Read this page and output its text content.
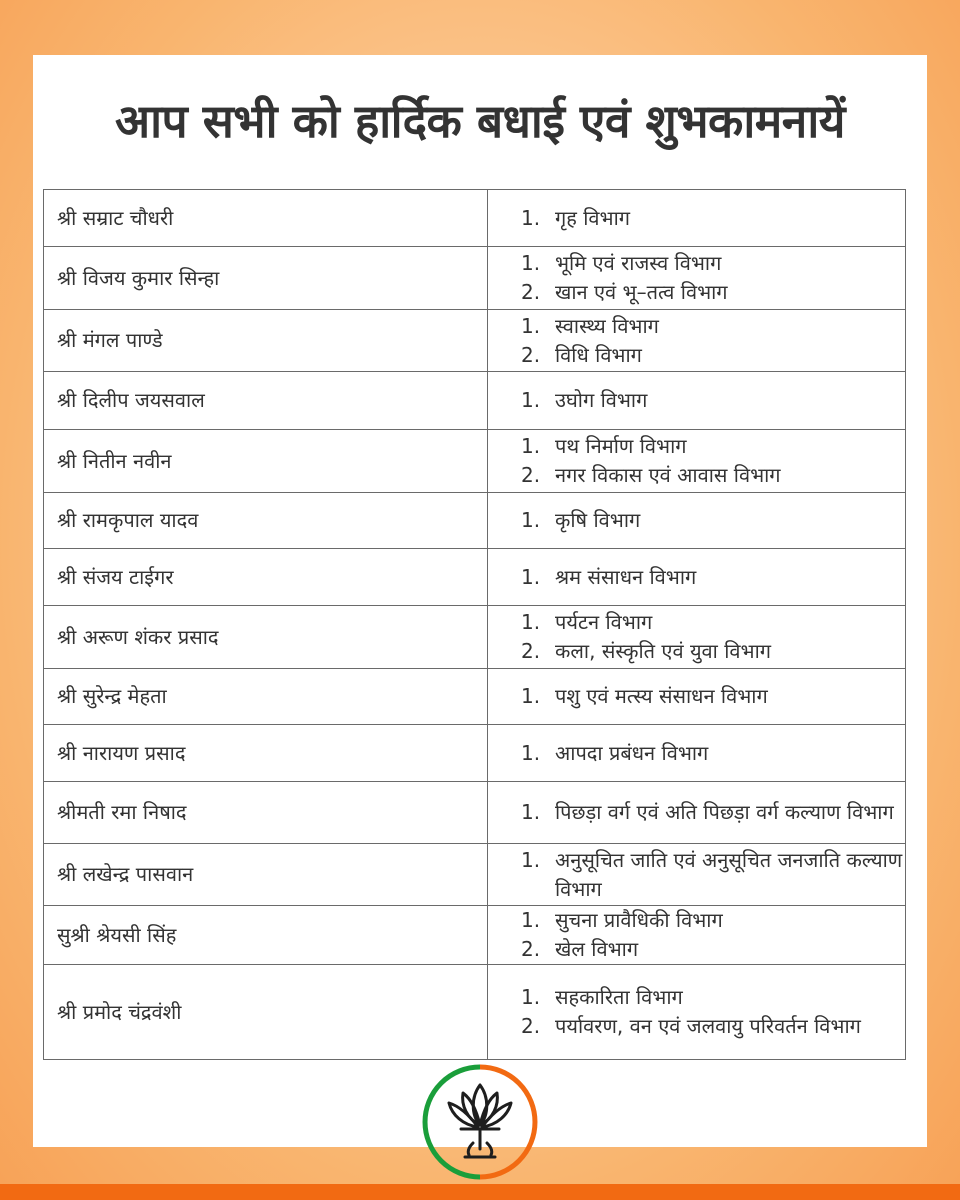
आप सभी को हार्दिक बधाई एवं शुभकामनायें
श्री सम्राट चौधरी	1. गृह विभाग

श्री विजय कुमार सिन्हा	1. भूमि एवं राजस्व विभाग
2. खान एवं भू–तत्व विभाग

श्री मंगल पाण्डे	1. स्वास्थ्य विभाग
2. विधि विभाग

श्री दिलीप जयसवाल	1. उघोग विभाग

श्री नितीन नवीन	1. पथ निर्माण विभाग
2. नगर विकास एवं आवास विभाग

श्री रामकृपाल यादव	1. कृषि विभाग

श्री संजय टाईगर	1. श्रम संसाधन विभाग

श्री अरूण शंकर प्रसाद	1. पर्यटन विभाग
2. कला, संस्कृति एवं युवा विभाग

श्री सुरेन्द्र मेहता	1. पशु एवं मत्स्य संसाधन विभाग

श्री नारायण प्रसाद	1. आपदा प्रबंधन विभाग

श्रीमती रमा निषाद	1. पिछड़ा वर्ग एवं अति पिछड़ा वर्ग कल्याण विभाग

श्री लखेन्द्र पासवान	1. अनुसूचित जाति एवं अनुसूचित जनजाति कल्याण विभाग

सुश्री श्रेयसी सिंह	1. सुचना प्रावैधिकी विभाग
2. खेल विभाग

श्री प्रमोद चंद्रवंशी	1. सहकारिता विभाग
2. पर्यावरण, वन एवं जलवायु परिवर्तन विभाग
